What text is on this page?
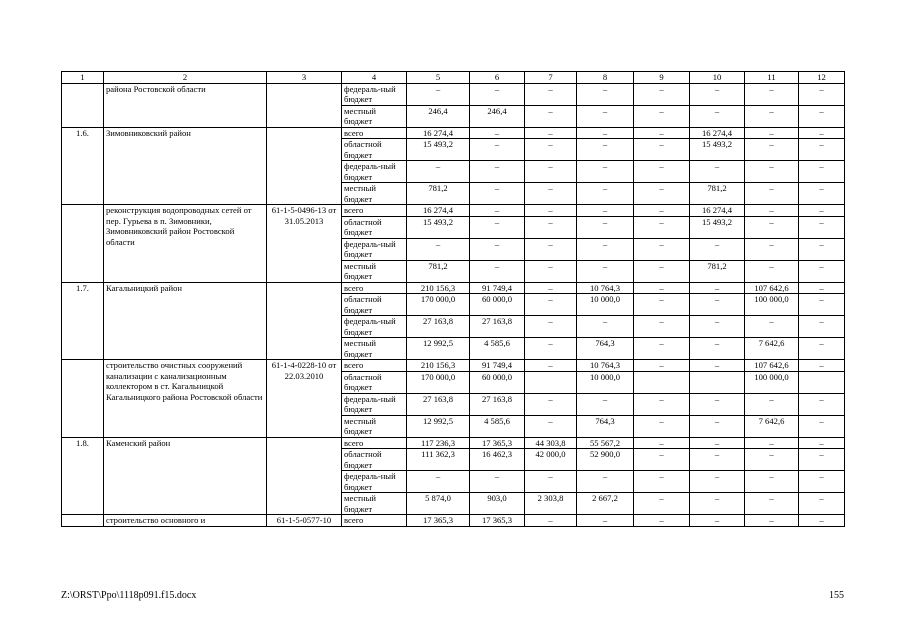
1	2	3	4	5	6	7	8	9	10	11	12
	района Ростовской области		федераль-ный бюджет	–	–	–	–	–	–	–	–
			местный бюджет	246,4	246,4	–	–	–	–	–	–
1.6.	Зимовниковский район		всего	16 274,4	–	–	–	–	16 274,4	–	–
			областной бюджет	15 493,2	–	–	–	–	15 493,2	–	–
			федераль-ный бюджет	–	–	–	–	–	–	–	–
			местный бюджет	781,2	–	–	–	–	781,2	–	–
	реконструкция водопроводных сетей от пер. Гурьева в п. Зимовники, Зимовниковский район Ростовской области	61-1-5-0496-13 от 31.05.2013	всего	16 274,4	–	–	–	–	16 274,4	–	–
			областной бюджет	15 493,2	–	–	–	–	15 493,2	–	–
			федераль-ный бюджет	–	–	–	–	–	–	–	–
			местный бюджет	781,2	–	–	–	–	781,2	–	–
1.7.	Кагальницкий район		всего	210 156,3	91 749,4	–	10 764,3	–	–	107 642,6	–
			областной бюджет	170 000,0	60 000,0	–	10 000,0	–	–	100 000,0	–
			федераль-ный бюджет	27 163,8	27 163,8	–	–	–	–	–	–
			местный бюджет	12 992,5	4 585,6	–	764,3	–	–	7 642,6	–
	строительство очистных сооружений канализации с канализационным коллектором в ст. Кагальницкой Кагальницкого района Ростовской области	61-1-4-0228-10 от 22.03.2010	всего	210 156,3	91 749,4	–	10 764,3	–	–	107 642,6	–
			областной бюджет	170 000,0	60 000,0		10 000,0			100 000,0	
			федераль-ный бюджет	27 163,8	27 163,8	–	–	–	–	–	–
			местный бюджет	12 992,5	4 585,6	–	764,3	–	–	7 642,6	–
1.8.	Каменский район		всего	117 236,3	17 365,3	44 303,8	55 567,2	–	–	–	–
			областной бюджет	111 362,3	16 462,3	42 000,0	52 900,0	–	–	–	–
			федераль-ный бюджет	–	–	–	–	–	–	–	–
			местный бюджет	5 874,0	903,0	2 303,8	2 667,2	–	–	–	–
	строительство основного и	61-1-5-0577-10	всего	17 365,3	17 365,3	–	–	–	–	–	–
Z:\ORST\Ppo\1118p091.f15.docx	155
